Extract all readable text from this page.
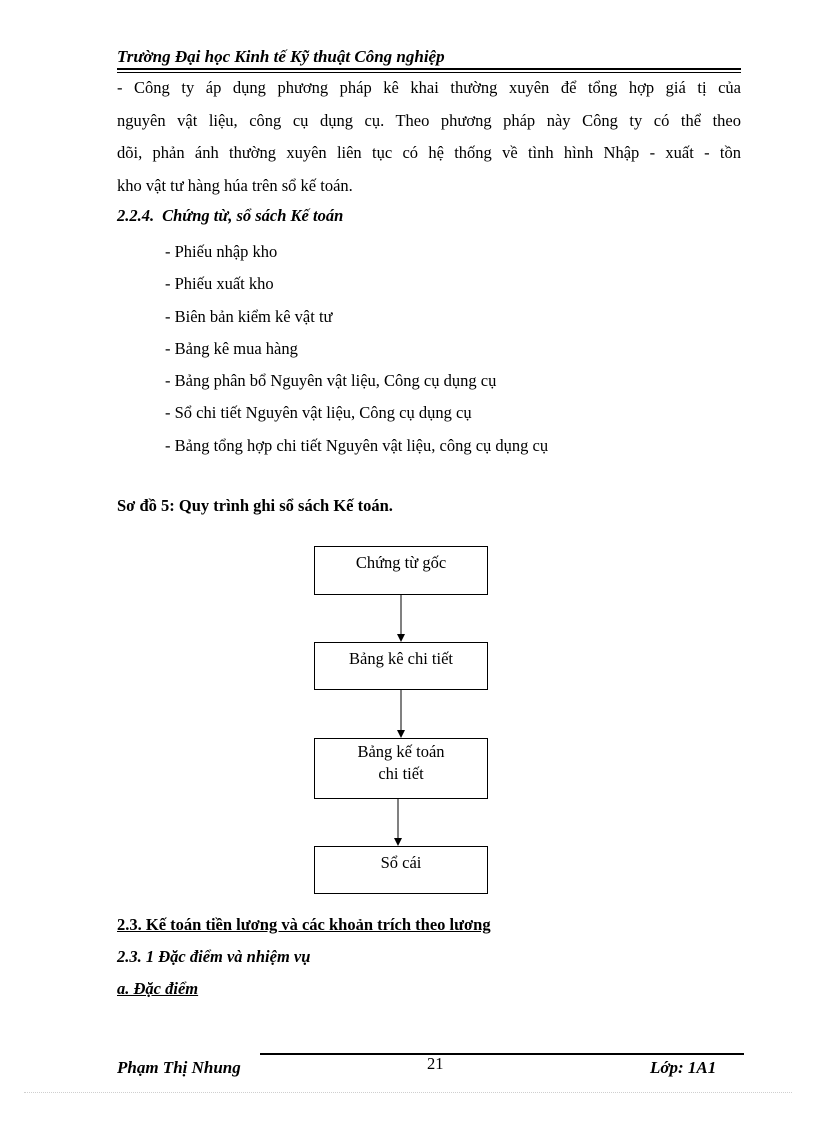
Trường Đại học Kinh tế Kỹ thuật Công nghiệp

- Công ty áp dụng phương pháp kê khai thường xuyên để tổng hợp giá tị của
nguyên vật liệu, công cụ dụng cụ. Theo phương pháp này Công ty có thể theo
dõi, phản ánh thường xuyên liên tục có hệ thống về tình hình Nhập - xuất - tồn
kho vật tư hàng húa trên sổ kế toán.

2.2.4. Chứng từ, sổ sách Kế toán

- Phiếu nhập kho
- Phiếu xuất kho
- Biên bản kiểm kê vật tư
- Bảng kê mua hàng
- Bảng phân bổ Nguyên vật liệu, Công cụ dụng cụ
- Sổ chi tiết Nguyên vật liệu, Công cụ dụng cụ
- Bảng tổng hợp chi tiết Nguyên vật liệu, công cụ dụng cụ
Sơ đồ 5: Quy trình ghi sổ sách Kế toán.
Chứng từ gốc
Bảng kê chi tiết
Bảng kế toán
chi tiết
Sổ cái

2.3. Kế toán tiền lương và các khoản trích theo lương

2.3. 1 Đặc điểm và nhiệm vụ

a. Đặc điểm

Phạm Thị Nhung	21	Lớp: 1A1
